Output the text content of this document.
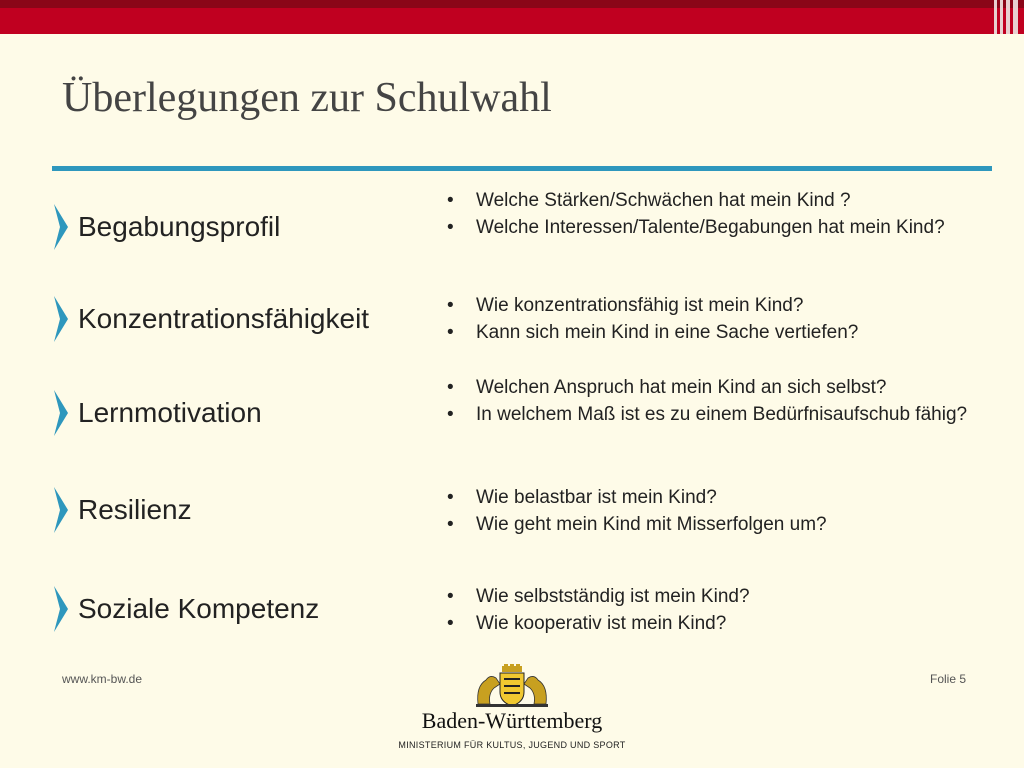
Überlegungen zur Schulwahl
Begabungsprofil
• Welche Stärken/Schwächen hat mein Kind ?
• Welche Interessen/Talente/Begabungen hat mein Kind?
Konzentrationsfähigkeit	• Wie konzentrationsfähig ist mein Kind?
• Kann sich mein Kind in eine Sache vertiefen?
Lernmotivation
• Welchen Anspruch hat mein Kind an sich selbst?
• In welchem Maß ist es zu einem Bedürfnisaufschub fähig?
Resilienz	• Wie belastbar ist mein Kind?
• Wie geht mein Kind mit Misserfolgen um?
Soziale Kompetenz	• Wie selbstständig ist mein Kind?
• Wie kooperativ ist mein Kind?
www.km-bw.de	Folie 5
Baden-Württemberg
MINISTERIUM FÜR KULTUS, JUGEND UND SPORT
